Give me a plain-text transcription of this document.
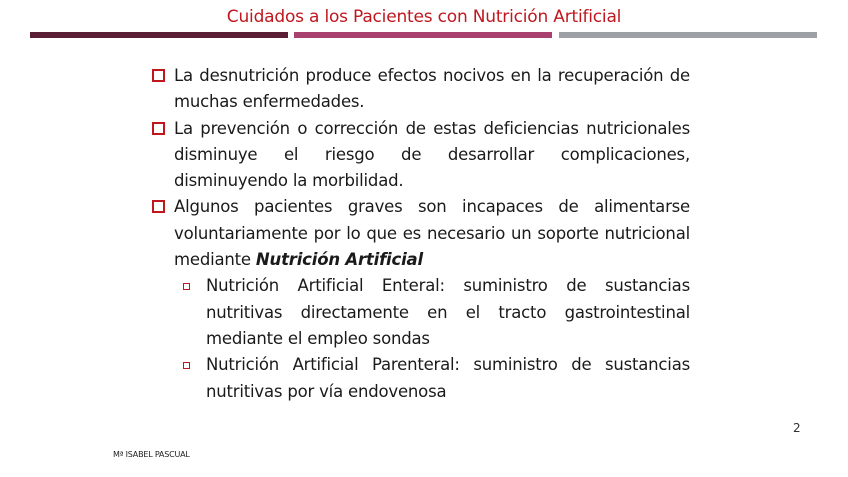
Cuidados a los Pacientes con Nutrición Artificial
La desnutrición produce efectos nocivos en la recuperación de muchas enfermedades.
La prevención o corrección de estas deficiencias nutricionales disminuye el riesgo de desarrollar complicaciones, disminuyendo la morbilidad.
Algunos pacientes graves son incapaces de alimentarse voluntariamente por lo que es necesario un soporte nutricional mediante Nutrición Artificial
Nutrición Artificial Enteral: suministro de sustancias nutritivas directamente en el tracto gastrointestinal mediante el empleo sondas
Nutrición Artificial Parenteral: suministro de sustancias nutritivas por vía endovenosa
2
Mª ISABEL PASCUAL
